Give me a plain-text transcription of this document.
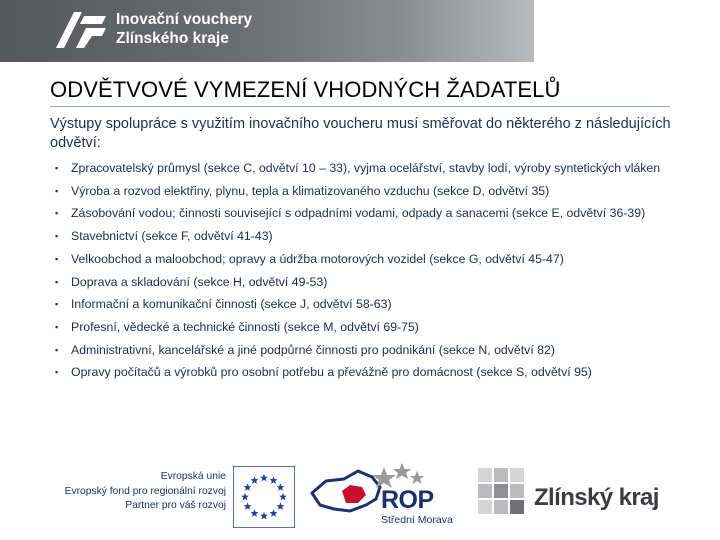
Inovační vouchery
Zlínského kraje
ODVĚTVOVÉ VYMEZENÍ VHODNÝCH ŽADATELŮ
Výstupy spolupráce s využitím inovačního voucheru musí směřovat do některého z následujících odvětví:
▪ Zpracovatelský průmysl (sekce C, odvětví 10 – 33), vyjma ocelářství, stavby lodí, výroby syntetických vláken
▪ Výroba a rozvod elektřiny, plynu, tepla a klimatizovaného vzduchu (sekce D, odvětví 35)
▪ Zásobování vodou; činnosti související s odpadními vodami, odpady a sanacemi (sekce E, odvětví 36-39)
▪ Stavebnictví (sekce F, odvětví 41-43)
▪ Velkoobchod a maloobchod; opravy a údržba motorových vozidel (sekce G, odvětví 45-47)
▪ Doprava a skladování (sekce H, odvětví 49-53)
▪ Informační a komunikační činnosti (sekce J, odvětví 58-63)
▪ Profesní, vědecké a technické činnosti (sekce M, odvětví 69-75)
▪ Administrativní, kancelářské a jiné podpůrné činnosti pro podnikání (sekce N, odvětví 82)
▪ Opravy počítačů a výrobků pro osobní potřebu a převážně pro domácnost (sekce S, odvětví 95)
Evropská unie
Evropský fond pro regionální rozvoj
Partner pro váš rozvoj	ROP
Střední Morava
Zlínský kraj
